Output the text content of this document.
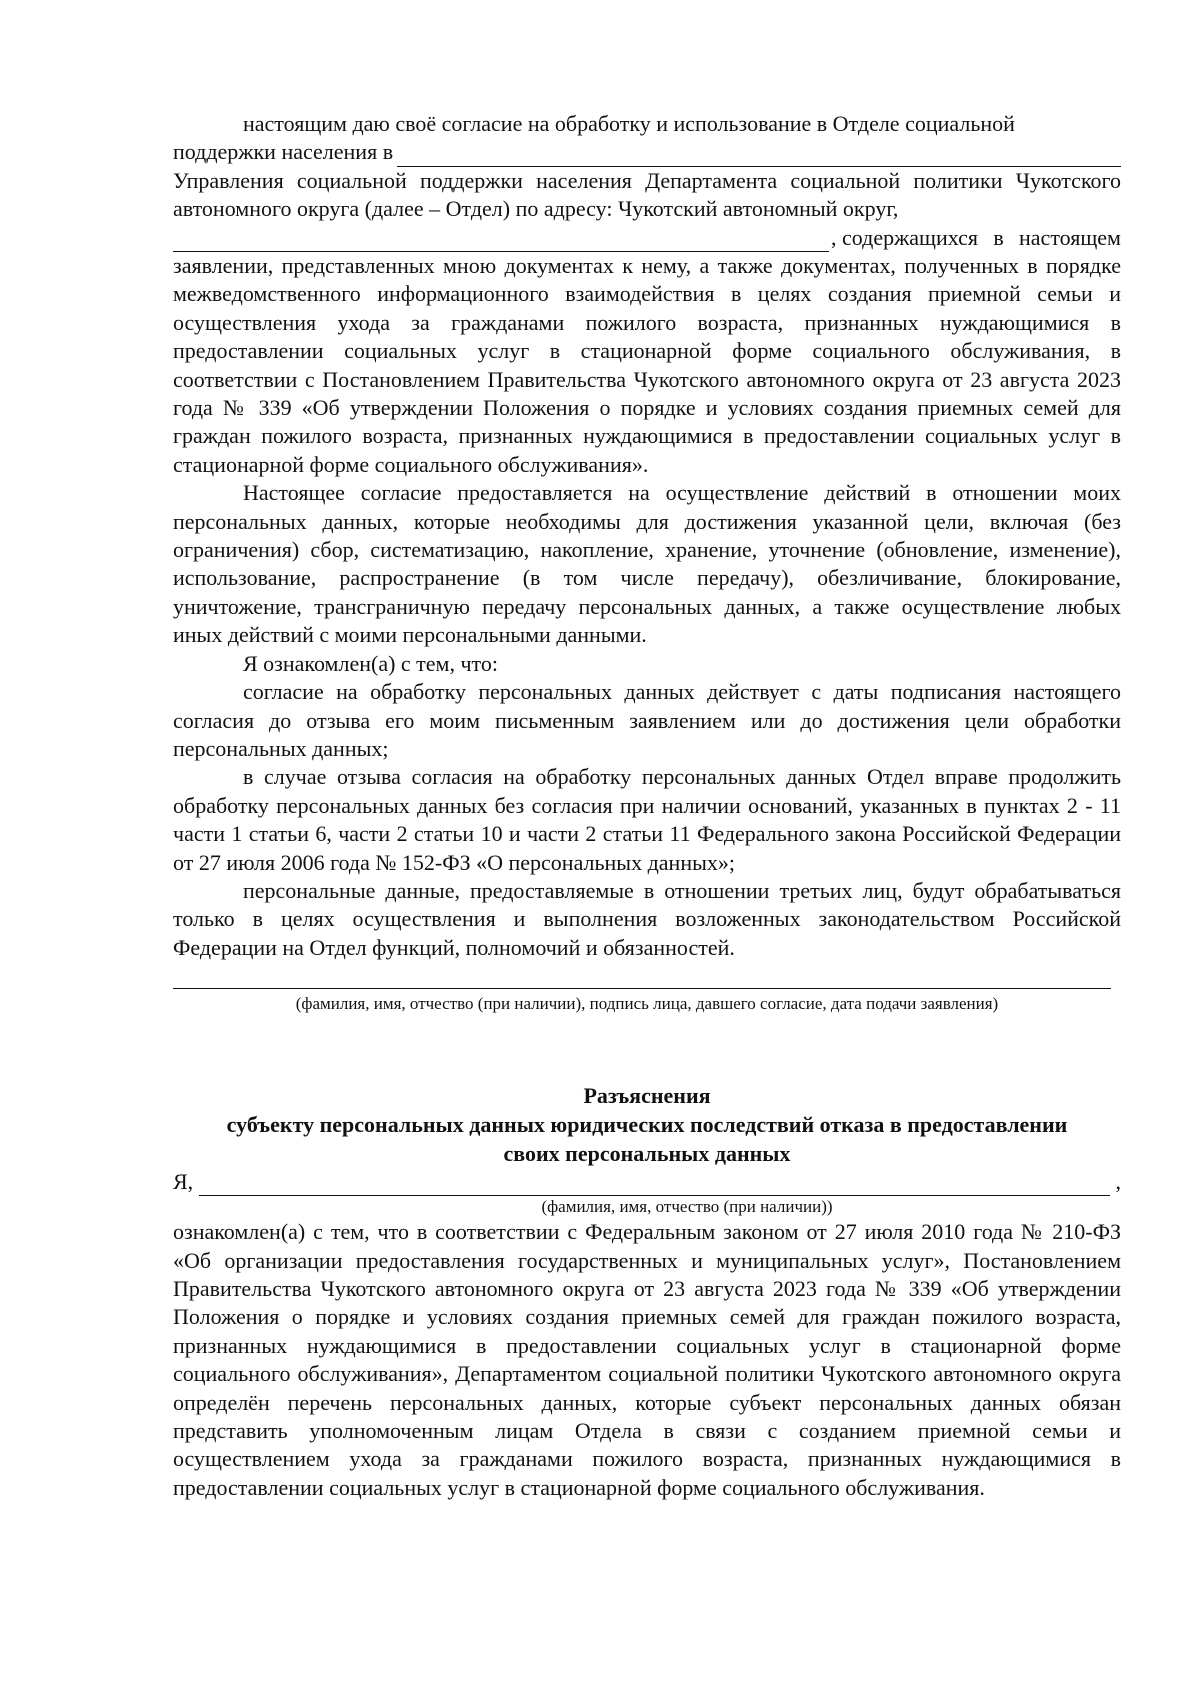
настоящим даю своё согласие на обработку и использование в Отделе социальной

поддержки населения в

Управления социальной поддержки населения Департамента социальной политики Чукотского автономного округа (далее – Отдел) по адресу: Чукотский автономный округ,

, содержащихся в настоящем

заявлении, представленных мною документах к нему, а также документах, полученных в порядке межведомственного информационного взаимодействия в целях создания приемной семьи и осуществления ухода за гражданами пожилого возраста, признанных нуждающимися в предоставлении социальных услуг в стационарной форме социального обслуживания, в соответствии с Постановлением Правительства Чукотского автономного округа от 23 августа 2023 года № 339 «Об утверждении Положения о порядке и условиях создания приемных семей для граждан пожилого возраста, признанных нуждающимися в предоставлении социальных услуг в стационарной форме социального обслуживания».

Настоящее согласие предоставляется на осуществление действий в отношении моих персональных данных, которые необходимы для достижения указанной цели, включая (без ограничения) сбор, систематизацию, накопление, хранение, уточнение (обновление, изменение), использование, распространение (в том числе передачу), обезличивание, блокирование, уничтожение, трансграничную передачу персональных данных, а также осуществление любых иных действий с моими персональными данными.

Я ознакомлен(а) с тем, что:

согласие на обработку персональных данных действует с даты подписания настоящего согласия до отзыва его моим письменным заявлением или до достижения цели обработки персональных данных;

в случае отзыва согласия на обработку персональных данных Отдел вправе продолжить обработку персональных данных без согласия при наличии оснований, указанных в пунктах 2 - 11 части 1 статьи 6, части 2 статьи 10 и части 2 статьи 11 Федерального закона Российской Федерации от 27 июля 2006 года № 152-ФЗ «О персональных данных»;

персональные данные, предоставляемые в отношении третьих лиц, будут обрабатываться только в целях осуществления и выполнения возложенных законодательством Российской Федерации на Отдел функций, полномочий и обязанностей.

(фамилия, имя, отчество (при наличии), подпись лица, давшего согласие, дата подачи заявления)
Разъяснения
субъекту персональных данных юридических последствий отказа в предоставлении
своих персональных данных
Я,	,
(фамилия, имя, отчество (при наличии))

ознакомлен(а) с тем, что в соответствии с Федеральным законом от 27 июля 2010 года № 210-ФЗ «Об организации предоставления государственных и муниципальных услуг», Постановлением Правительства Чукотского автономного округа от 23 августа 2023 года № 339 «Об утверждении Положения о порядке и условиях создания приемных семей для граждан пожилого возраста, признанных нуждающимися в предоставлении социальных услуг в стационарной форме социального обслуживания», Департаментом социальной политики Чукотского автономного округа определён перечень персональных данных, которые субъект персональных данных обязан представить уполномоченным лицам Отдела в связи с созданием приемной семьи и осуществлением ухода за гражданами пожилого возраста, признанных нуждающимися в предоставлении социальных услуг в стационарной форме социального обслуживания.
